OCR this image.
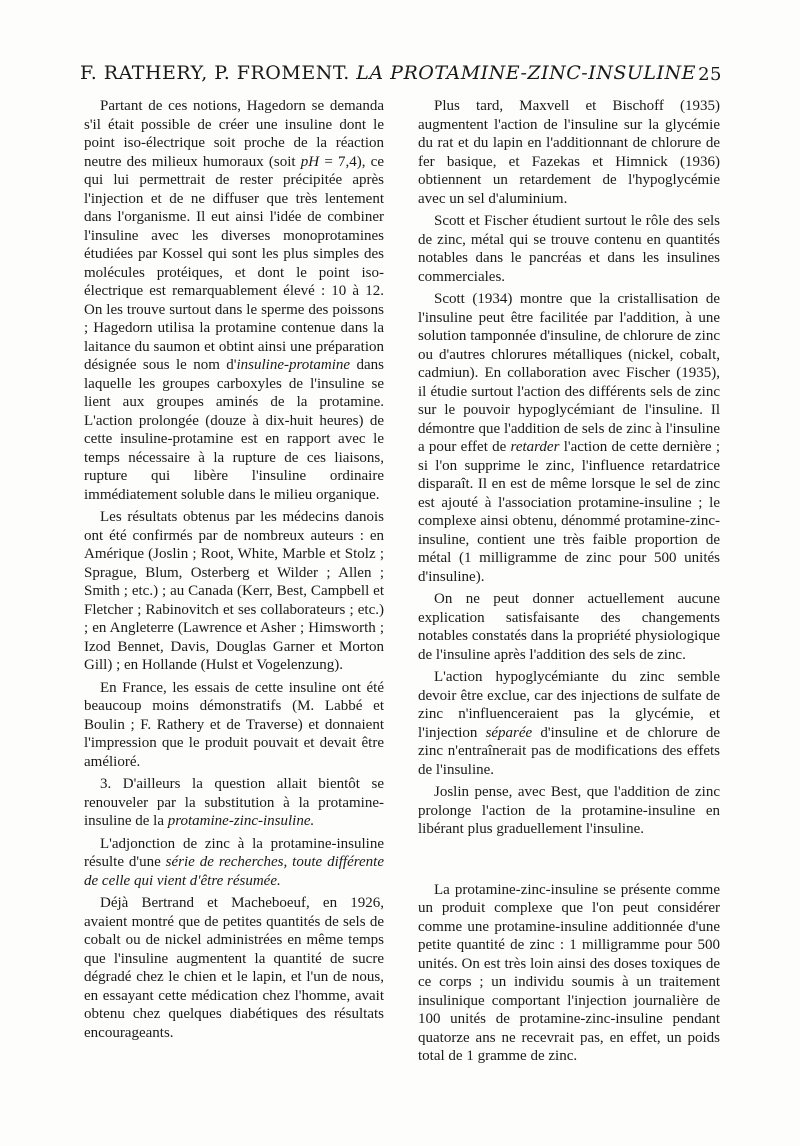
F. RATHERY, P. FROMENT. LA PROTAMINE-ZINC-INSULINE 25

Partant de ces notions, Hagedorn se demanda s'il était possible de créer une insuline dont le point iso-électrique soit proche de la réaction neutre des milieux humoraux (soit pH = 7,4), ce qui lui permettrait de rester précipitée après l'injection et de ne diffuser que très lentement dans l'organisme. Il eut ainsi l'idée de combiner l'insuline avec les diverses monoprotamines étudiées par Kossel qui sont les plus simples des molécules protéiques, et dont le point iso-électrique est remarquablement élevé : 10 à 12. On les trouve surtout dans le sperme des poissons ; Hagedorn utilisa la protamine contenue dans la laitance du saumon et obtint ainsi une préparation désignée sous le nom d'insuline-protamine dans laquelle les groupes carboxyles de l'insuline se lient aux groupes aminés de la protamine. L'action prolongée (douze à dix-huit heures) de cette insuline-protamine est en rapport avec le temps nécessaire à la rupture de ces liaisons, rupture qui libère l'insuline ordinaire immédiatement soluble dans le milieu organique.

Les résultats obtenus par les médecins danois ont été confirmés par de nombreux auteurs : en Amérique (Joslin ; Root, White, Marble et Stolz ; Sprague, Blum, Osterberg et Wilder ; Allen ; Smith ; etc.) ; au Canada (Kerr, Best, Campbell et Fletcher ; Rabinovitch et ses collaborateurs ; etc.) ; en Angleterre (Lawrence et Asher ; Himsworth ; Izod Bennet, Davis, Douglas Garner et Morton Gill) ; en Hollande (Hulst et Vogelenzung).

En France, les essais de cette insuline ont été beaucoup moins démonstratifs (M. Labbé et Boulin ; F. Rathery et de Traverse) et donnaient l'impression que le produit pouvait et devait être amélioré.

3. D'ailleurs la question allait bientôt se renouveler par la substitution à la protamine-insuline de la protamine-zinc-insuline.

L'adjonction de zinc à la protamine-insuline résulte d'une série de recherches, toute différente de celle qui vient d'être résumée.

Déjà Bertrand et Macheboeuf, en 1926, avaient montré que de petites quantités de sels de cobalt ou de nickel administrées en même temps que l'insuline augmentent la quantité de sucre dégradé chez le chien et le lapin, et l'un de nous, en essayant cette médication chez l'homme, avait obtenu chez quelques diabétiques des résultats encourageants.

Plus tard, Maxvell et Bischoff (1935) augmentent l'action de l'insuline sur la glycémie du rat et du lapin en l'additionnant de chlorure de fer basique, et Fazekas et Himnick (1936) obtiennent un retardement de l'hypoglycémie avec un sel d'aluminium.

Scott et Fischer étudient surtout le rôle des sels de zinc, métal qui se trouve contenu en quantités notables dans le pancréas et dans les insulines commerciales.

Scott (1934) montre que la cristallisation de l'insuline peut être facilitée par l'addition, à une solution tamponnée d'insuline, de chlorure de zinc ou d'autres chlorures métalliques (nickel, cobalt, cadmiun). En collaboration avec Fischer (1935), il étudie surtout l'action des différents sels de zinc sur le pouvoir hypoglycémiant de l'insuline. Il démontre que l'addition de sels de zinc à l'insuline a pour effet de retarder l'action de cette dernière ; si l'on supprime le zinc, l'influence retardatrice disparaît. Il en est de même lorsque le sel de zinc est ajouté à l'association protamine-insuline ; le complexe ainsi obtenu, dénommé protamine-zinc-insuline, contient une très faible proportion de métal (1 milligramme de zinc pour 500 unités d'insuline).

On ne peut donner actuellement aucune explication satisfaisante des changements notables constatés dans la propriété physiologique de l'insuline après l'addition des sels de zinc.

L'action hypoglycémiante du zinc semble devoir être exclue, car des injections de sulfate de zinc n'influenceraient pas la glycémie, et l'injection séparée d'insuline et de chlorure de zinc n'entraînerait pas de modifications des effets de l'insuline.

Joslin pense, avec Best, que l'addition de zinc prolonge l'action de la protamine-insuline en libérant plus graduellement l'insuline.

La protamine-zinc-insuline se présente comme un produit complexe que l'on peut considérer comme une protamine-insuline additionnée d'une petite quantité de zinc : 1 milligramme pour 500 unités. On est très loin ainsi des doses toxiques de ce corps ; un individu soumis à un traitement insulinique comportant l'injection journalière de 100 unités de protamine-zinc-insuline pendant quatorze ans ne recevrait pas, en effet, un poids total de 1 gramme de zinc.
